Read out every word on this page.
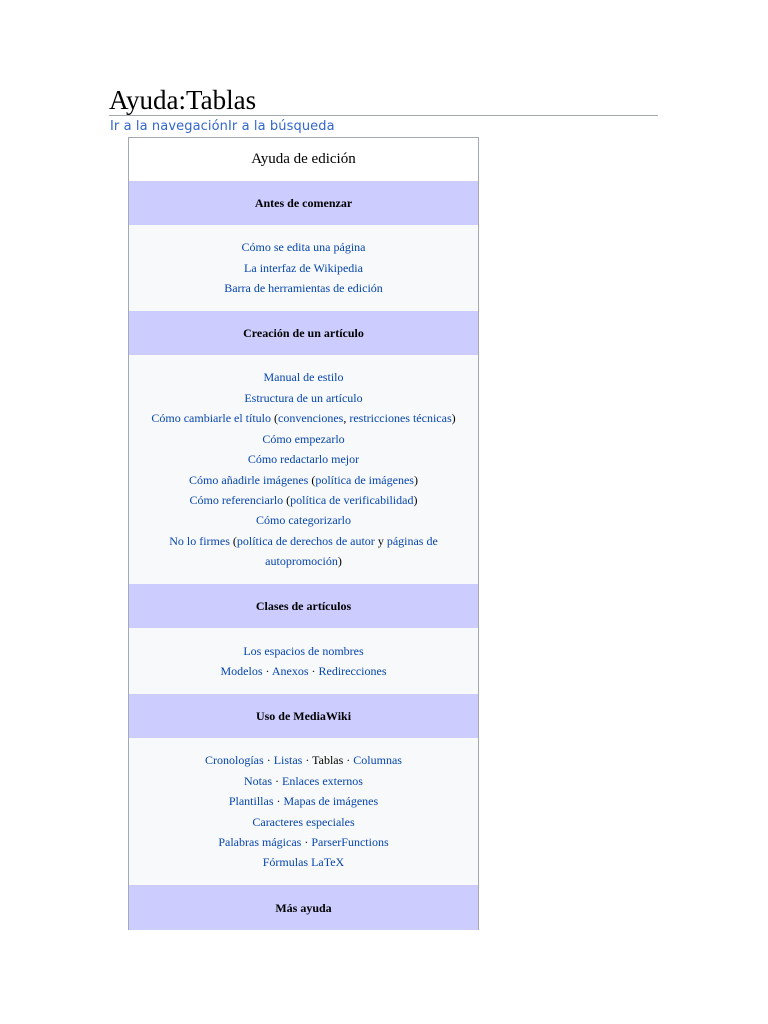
Ayuda:Tablas
Ir a la navegaciónIr a la búsqueda
Ayuda de edición
Antes de comenzar
Cómo se edita una página
La interfaz de Wikipedia
Barra de herramientas de edición
Creación de un artículo
Manual de estilo
Estructura de un artículo
Cómo cambiarle el título (convenciones, restricciones técnicas)
Cómo empezarlo
Cómo redactarlo mejor
Cómo añadirle imágenes (política de imágenes)
Cómo referenciarlo (política de verificabilidad)
Cómo categorizarlo
No lo firmes (política de derechos de autor y páginas de
autopromoción)
Clases de artículos
Los espacios de nombres
Modelos · Anexos · Redirecciones
Uso de MediaWiki
Cronologías · Listas · Tablas · Columnas
Notas · Enlaces externos
Plantillas · Mapas de imágenes
Caracteres especiales
Palabras mágicas · ParserFunctions
Fórmulas LaTeX
Más ayuda
